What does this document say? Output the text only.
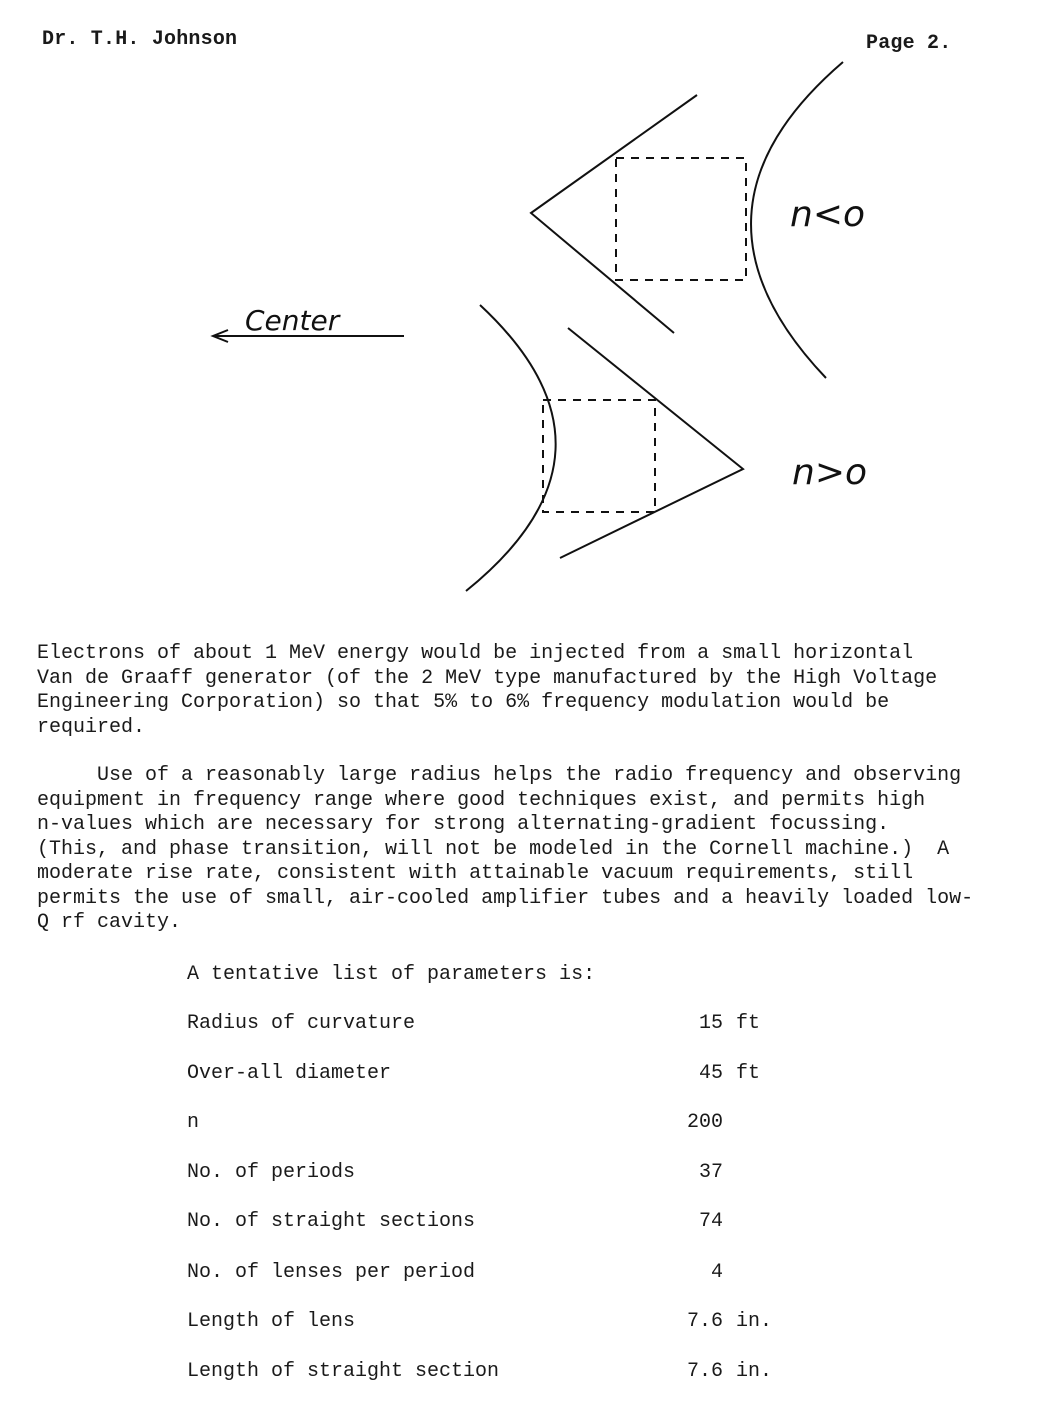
Dr. T.H. Johnson	Page 2.
Center
n<o
n>o
Electrons of about 1 MeV energy would be injected from a small horizontal
Van de Graaff generator (of the 2 MeV type manufactured by the High Voltage
Engineering Corporation) so that 5% to 6% frequency modulation would be
required.
Use of a reasonably large radius helps the radio frequency and observing
equipment in frequency range where good techniques exist, and permits high
n-values which are necessary for strong alternating-gradient focussing.
(This, and phase transition, will not be modeled in the Cornell machine.)  A
moderate rise rate, consistent with attainable vacuum requirements, still
permits the use of small, air-cooled amplifier tubes and a heavily loaded low-
Q rf cavity.
A tentative list of parameters is:
Radius of curvature	15 ft
Over-all diameter	45 ft
n	200
No. of periods	37
No. of straight sections	74
No. of lenses per period	4
Length of lens	7.6 in.
Length of straight section	7.6 in.
